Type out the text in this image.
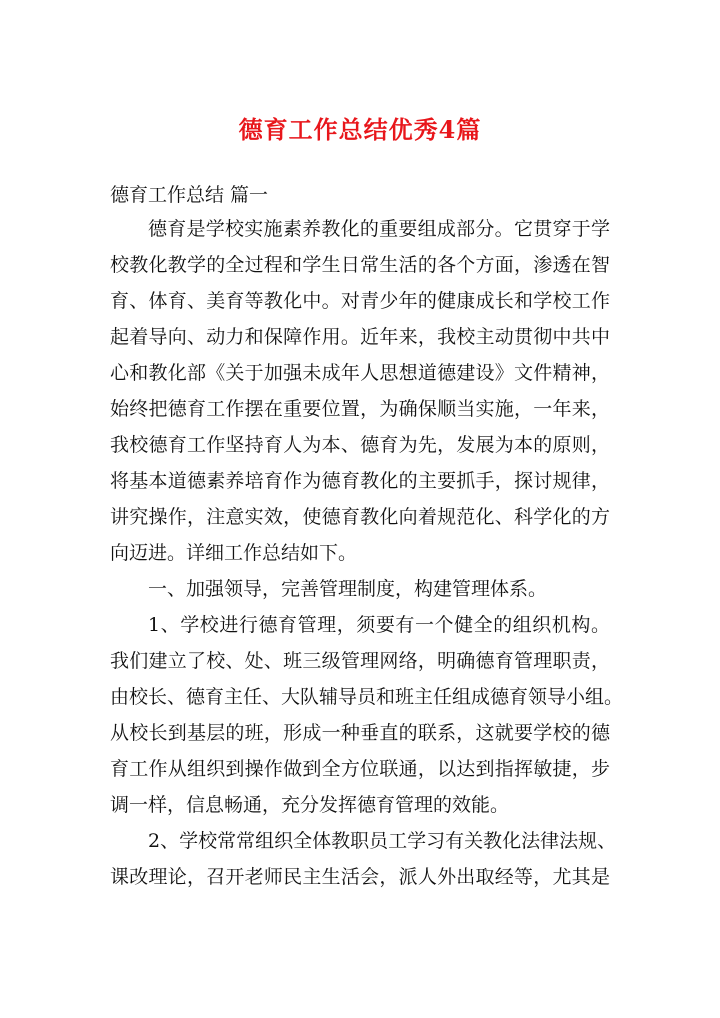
德育工作总结优秀4篇
德育工作总结 篇一
德育是学校实施素养教化的重要组成部分。它贯穿于学
校教化教学的全过程和学生日常生活的各个方面，渗透在智
育、体育、美育等教化中。对青少年的健康成长和学校工作
起着导向、动力和保障作用。近年来，我校主动贯彻中共中
心和教化部《关于加强未成年人思想道德建设》文件精神，
始终把德育工作摆在重要位置，为确保顺当实施，一年来，
我校德育工作坚持育人为本、德育为先，发展为本的原则，
将基本道德素养培育作为德育教化的主要抓手，探讨规律，
讲究操作，注意实效，使德育教化向着规范化、科学化的方
向迈进。详细工作总结如下。
一、加强领导，完善管理制度，构建管理体系。
1、学校进行德育管理，须要有一个健全的组织机构。
我们建立了校、处、班三级管理网络，明确德育管理职责，
由校长、德育主任、大队辅导员和班主任组成德育领导小组。
从校长到基层的班，形成一种垂直的联系，这就要学校的德
育工作从组织到操作做到全方位联通，以达到指挥敏捷，步
调一样，信息畅通，充分发挥德育管理的效能。
2、学校常常组织全体教职员工学习有关教化法律法规、
课改理论，召开老师民主生活会，派人外出取经等，尤其是
